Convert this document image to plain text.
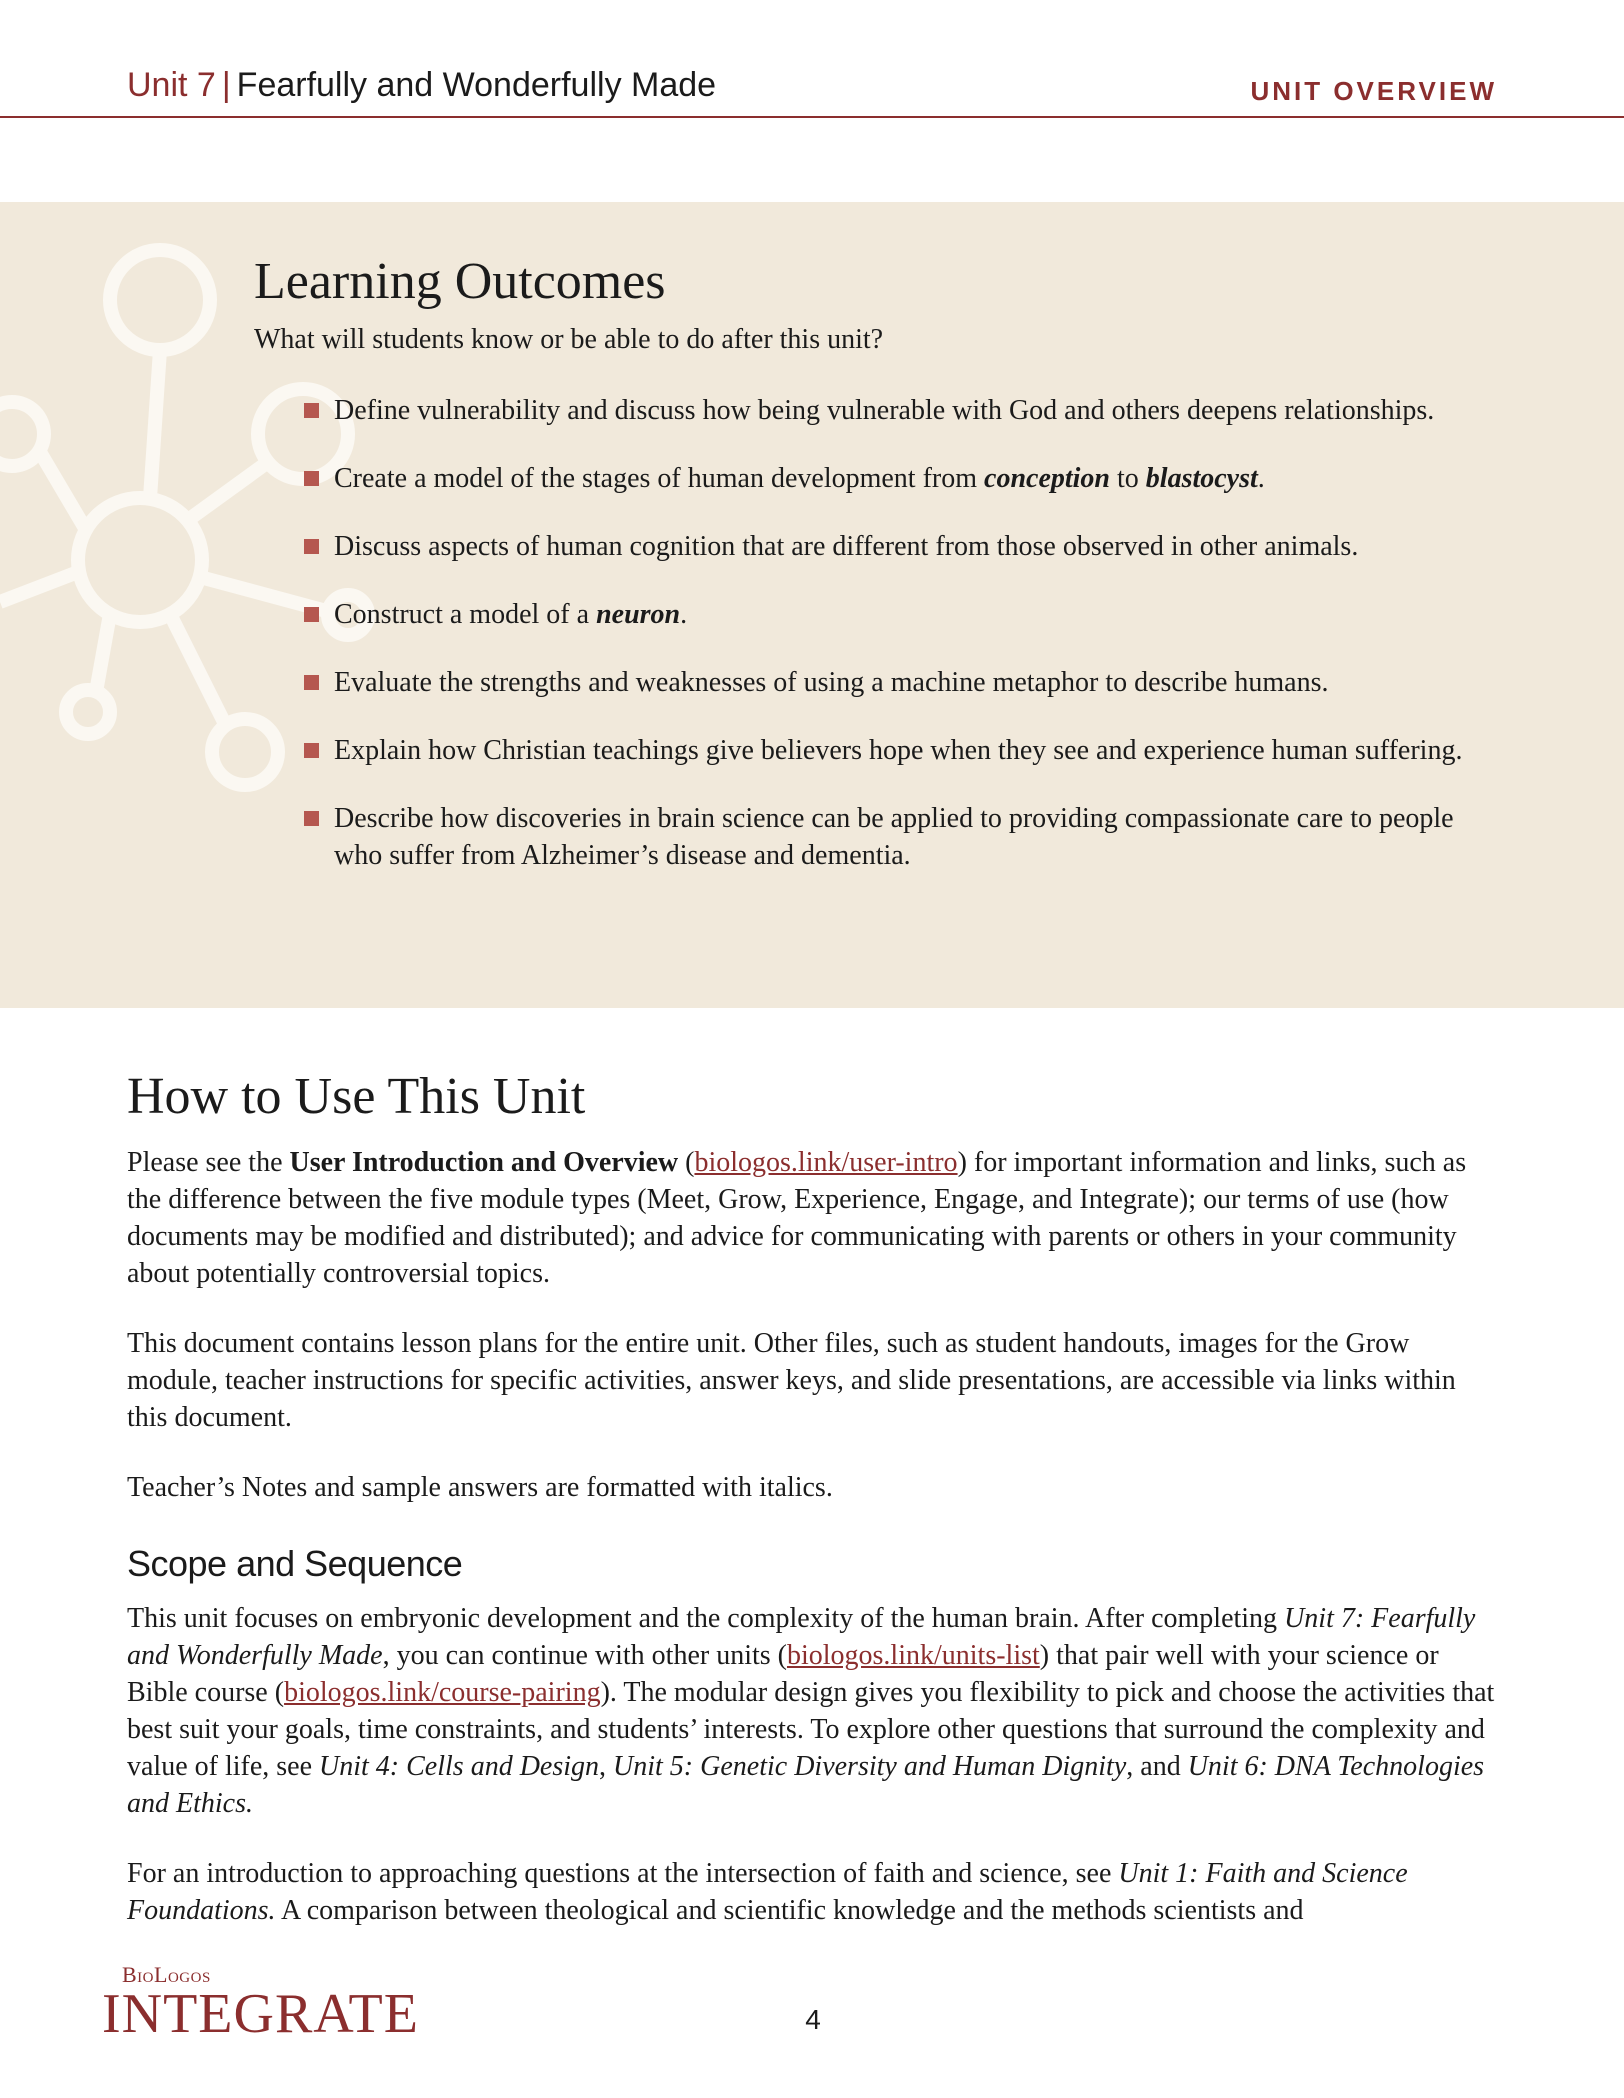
Unit 7 | Fearfully and Wonderfully Made	UNIT OVERVIEW
Learning Outcomes

What will students know or be able to do after this unit?

Define vulnerability and discuss how being vulnerable with God and others deepens relationships.
Create a model of the stages of human development from conception to blastocyst.
Discuss aspects of human cognition that are different from those observed in other animals.
Construct a model of a neuron.
Evaluate the strengths and weaknesses of using a machine metaphor to describe humans.
Explain how Christian teachings give believers hope when they see and experience human suffering.
Describe how discoveries in brain science can be applied to providing compassionate care to people who suffer from Alzheimer’s disease and dementia.
How to Use This Unit

Please see the User Introduction and Overview (biologos.link/user-intro) for important information and links, such as the difference between the five module types (Meet, Grow, Experience, Engage, and Integrate); our terms of use (how documents may be modified and distributed); and advice for communicating with parents or others in your community about potentially controversial topics.

This document contains lesson plans for the entire unit. Other files, such as student handouts, images for the Grow module, teacher instructions for specific activities, answer keys, and slide presentations, are accessible via links within this document.

Teacher’s Notes and sample answers are formatted with italics.

Scope and Sequence

This unit focuses on embryonic development and the complexity of the human brain. After completing Unit 7: Fearfully and Wonderfully Made, you can continue with other units (biologos.link/units-list) that pair well with your science or Bible course (biologos.link/course-pairing). The modular design gives you flexibility to pick and choose the activities that best suit your goals, time constraints, and students’ interests. To explore other questions that surround the complexity and value of life, see Unit 4: Cells and Design, Unit 5: Genetic Diversity and Human Dignity, and Unit 6: DNA Technologies and Ethics.

For an introduction to approaching questions at the intersection of faith and science, see Unit 1: Faith and Science Foundations. A comparison between theological and scientific knowledge and the methods scientists and

BioLogos
INTEGRATE	4
